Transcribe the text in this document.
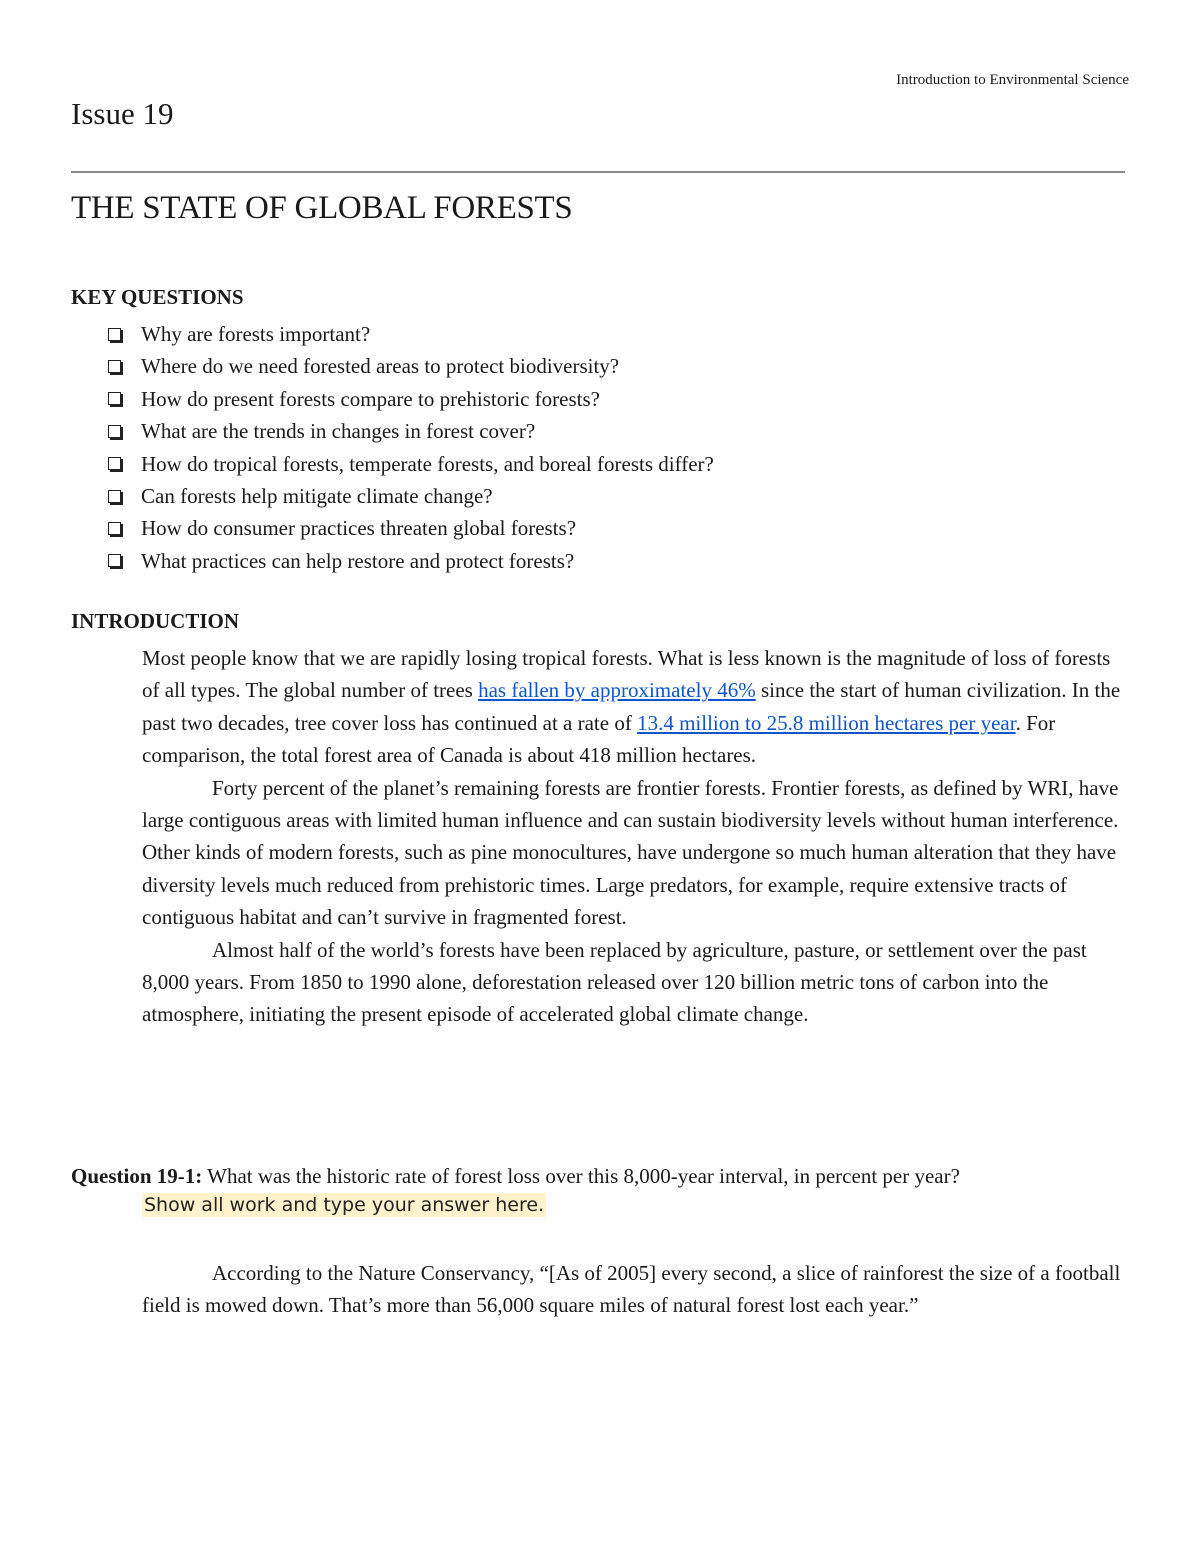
Introduction to Environmental Science
Issue 19
THE STATE OF GLOBAL FORESTS
KEY QUESTIONS
Why are forests important?
Where do we need forested areas to protect biodiversity?
How do present forests compare to prehistoric forests?
What are the trends in changes in forest cover?
How do tropical forests, temperate forests, and boreal forests differ?
Can forests help mitigate climate change?
How do consumer practices threaten global forests?
What practices can help restore and protect forests?
INTRODUCTION

Most people know that we are rapidly losing tropical forests. What is less known is the magnitude of loss of forests of all types. The global number of trees has fallen by approximately 46% since the start of human civilization. In the past two decades, tree cover loss has continued at a rate of 13.4 million to 25.8 million hectares per year. For comparison, the total forest area of Canada is about 418 million hectares.

Forty percent of the planet’s remaining forests are frontier forests. Frontier forests, as defined by WRI, have large contiguous areas with limited human influence and can sustain biodiversity levels without human interference. Other kinds of modern forests, such as pine monocultures, have undergone so much human alteration that they have diversity levels much reduced from prehistoric times. Large predators, for example, require extensive tracts of contiguous habitat and can’t survive in fragmented forest.

Almost half of the world’s forests have been replaced by agriculture, pasture, or settlement over the past 8,000 years. From 1850 to 1990 alone, deforestation released over 120 billion metric tons of carbon into the atmosphere, initiating the present episode of accelerated global climate change.

Question 19-1: What was the historic rate of forest loss over this 8,000-year interval, in percent per year?
Show all work and type your answer here.

According to the Nature Conservancy, “[As of 2005] every second, a slice of rainforest the size of a football field is mowed down. That’s more than 56,000 square miles of natural forest lost each year.”
